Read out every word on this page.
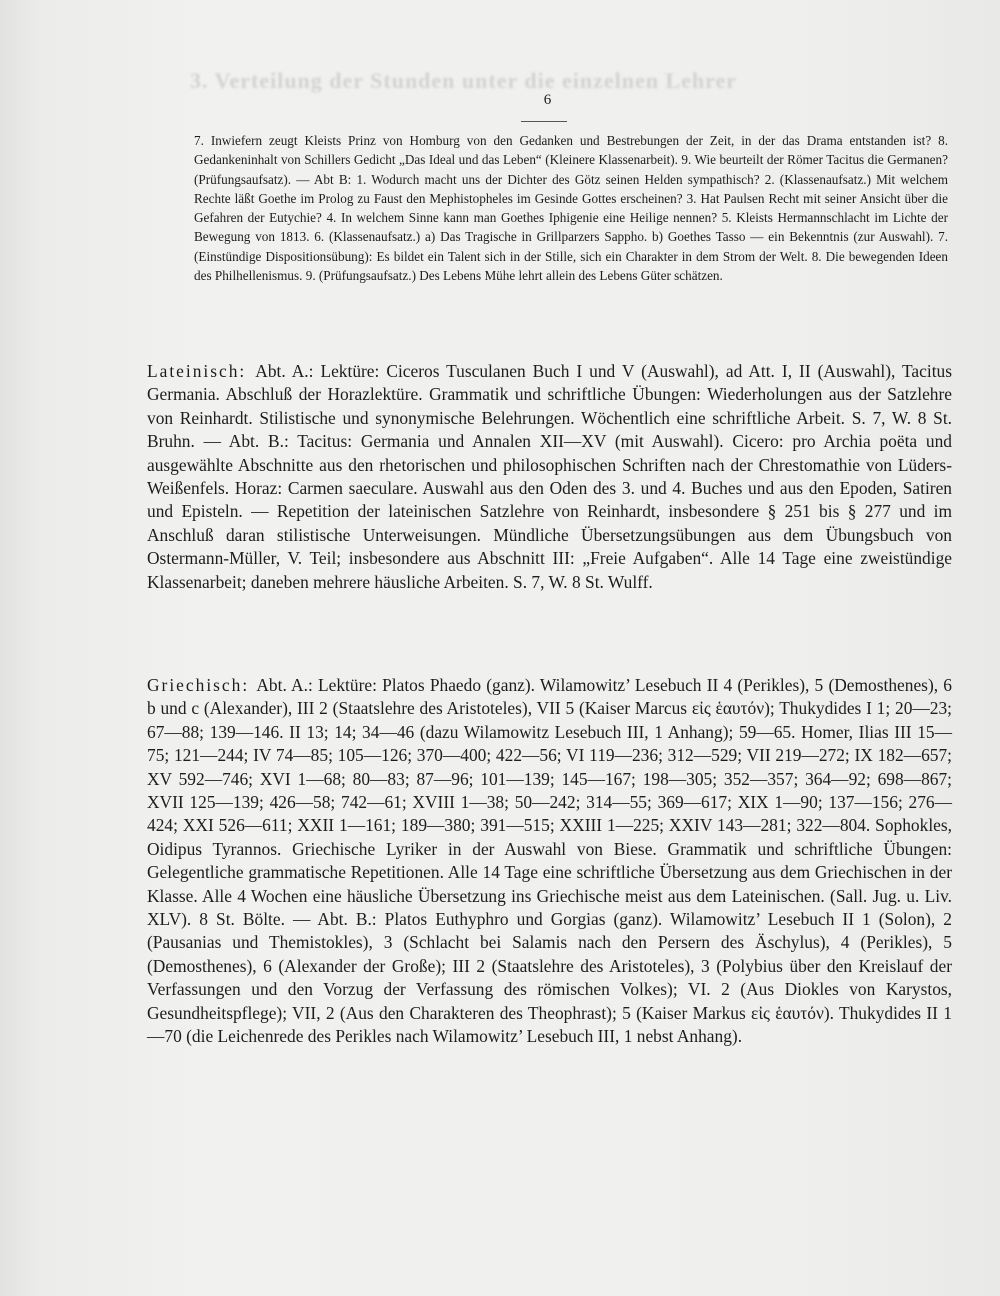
3. Verteilung der Stunden unter die einzelnen Lehrer
6
7. Inwiefern zeugt Kleists Prinz von Homburg von den Gedanken und Bestrebungen der Zeit, in der das Drama entstanden ist? 8. Gedankeninhalt von Schillers Gedicht „Das Ideal und das Leben“ (Kleinere Klassenarbeit). 9. Wie beurteilt der Römer Tacitus die Germanen? (Prüfungsaufsatz). — Abt B: 1. Wodurch macht uns der Dichter des Götz seinen Helden sympathisch? 2. (Klassenaufsatz.) Mit welchem Rechte läßt Goethe im Prolog zu Faust den Mephistopheles im Gesinde Gottes erscheinen? 3. Hat Paulsen Recht mit seiner Ansicht über die Gefahren der Eutychie? 4. In welchem Sinne kann man Goethes Iphigenie eine Heilige nennen? 5. Kleists Hermannschlacht im Lichte der Bewegung von 1813. 6. (Klassenaufsatz.) a) Das Tragische in Grillparzers Sappho. b) Goethes Tasso — ein Bekenntnis (zur Auswahl). 7. (Einstündige Dispositionsübung): Es bildet ein Talent sich in der Stille, sich ein Charakter in dem Strom der Welt. 8. Die bewegenden Ideen des Philhellenismus. 9. (Prüfungsaufsatz.) Des Lebens Mühe lehrt allein des Lebens Güter schätzen.
Lateinisch: Abt. A.: Lektüre: Ciceros Tusculanen Buch I und V (Auswahl), ad Att. I, II (Auswahl), Tacitus Germania. Abschluß der Horazlektüre. Grammatik und schriftliche Übungen: Wiederholungen aus der Satzlehre von Reinhardt. Stilistische und synonymische Belehrungen. Wöchentlich eine schriftliche Arbeit. S. 7, W. 8 St. Bruhn. — Abt. B.: Tacitus: Germania und Annalen XII—XV (mit Auswahl). Cicero: pro Archia poëta und ausgewählte Abschnitte aus den rhetorischen und philosophischen Schriften nach der Chrestomathie von Lüders-Weißenfels. Horaz: Carmen saeculare. Auswahl aus den Oden des 3. und 4. Buches und aus den Epoden, Satiren und Episteln. — Repetition der lateinischen Satzlehre von Reinhardt, insbesondere § 251 bis § 277 und im Anschluß daran stilistische Unterweisungen. Mündliche Übersetzungsübungen aus dem Übungsbuch von Ostermann-Müller, V. Teil; insbesondere aus Abschnitt III: „Freie Aufgaben“. Alle 14 Tage eine zweistündige Klassenarbeit; daneben mehrere häusliche Arbeiten. S. 7, W. 8 St. Wulff.
Griechisch: Abt. A.: Lektüre: Platos Phaedo (ganz). Wilamowitz’ Lesebuch II 4 (Perikles), 5 (Demosthenes), 6 b und c (Alexander), III 2 (Staatslehre des Aristoteles), VII 5 (Kaiser Marcus εἰς ἑαυτόν); Thukydides I 1; 20—23; 67—88; 139—146. II 13; 14; 34—46 (dazu Wilamowitz Lesebuch III, 1 Anhang); 59—65. Homer, Ilias III 15—75; 121—244; IV 74—85; 105—126; 370—400; 422—56; VI 119—236; 312—529; VII 219—272; IX 182—657; XV 592—746; XVI 1—68; 80—83; 87—96; 101—139; 145—167; 198—305; 352—357; 364—92; 698—867; XVII 125—139; 426—58; 742—61; XVIII 1—38; 50—242; 314—55; 369—617; XIX 1—90; 137—156; 276—424; XXI 526—611; XXII 1—161; 189—380; 391—515; XXIII 1—225; XXIV 143—281; 322—804. Sophokles, Oidipus Tyrannos. Griechische Lyriker in der Auswahl von Biese. Grammatik und schriftliche Übungen: Gelegentliche grammatische Repetitionen. Alle 14 Tage eine schriftliche Übersetzung aus dem Griechischen in der Klasse. Alle 4 Wochen eine häusliche Übersetzung ins Griechische meist aus dem Lateinischen. (Sall. Jug. u. Liv. XLV). 8 St. Bölte. — Abt. B.: Platos Euthyphro und Gorgias (ganz). Wilamowitz’ Lesebuch II 1 (Solon), 2 (Pausanias und Themistokles), 3 (Schlacht bei Salamis nach den Persern des Äschylus), 4 (Perikles), 5 (Demosthenes), 6 (Alexander der Große); III 2 (Staatslehre des Aristoteles), 3 (Polybius über den Kreislauf der Verfassungen und den Vorzug der Verfassung des römischen Volkes); VI. 2 (Aus Diokles von Karystos, Gesundheitspflege); VII, 2 (Aus den Charakteren des Theophrast); 5 (Kaiser Markus εἰς ἑαυτόν). Thukydides II 1—70 (die Leichenrede des Perikles nach Wilamowitz’ Lesebuch III, 1 nebst Anhang).
